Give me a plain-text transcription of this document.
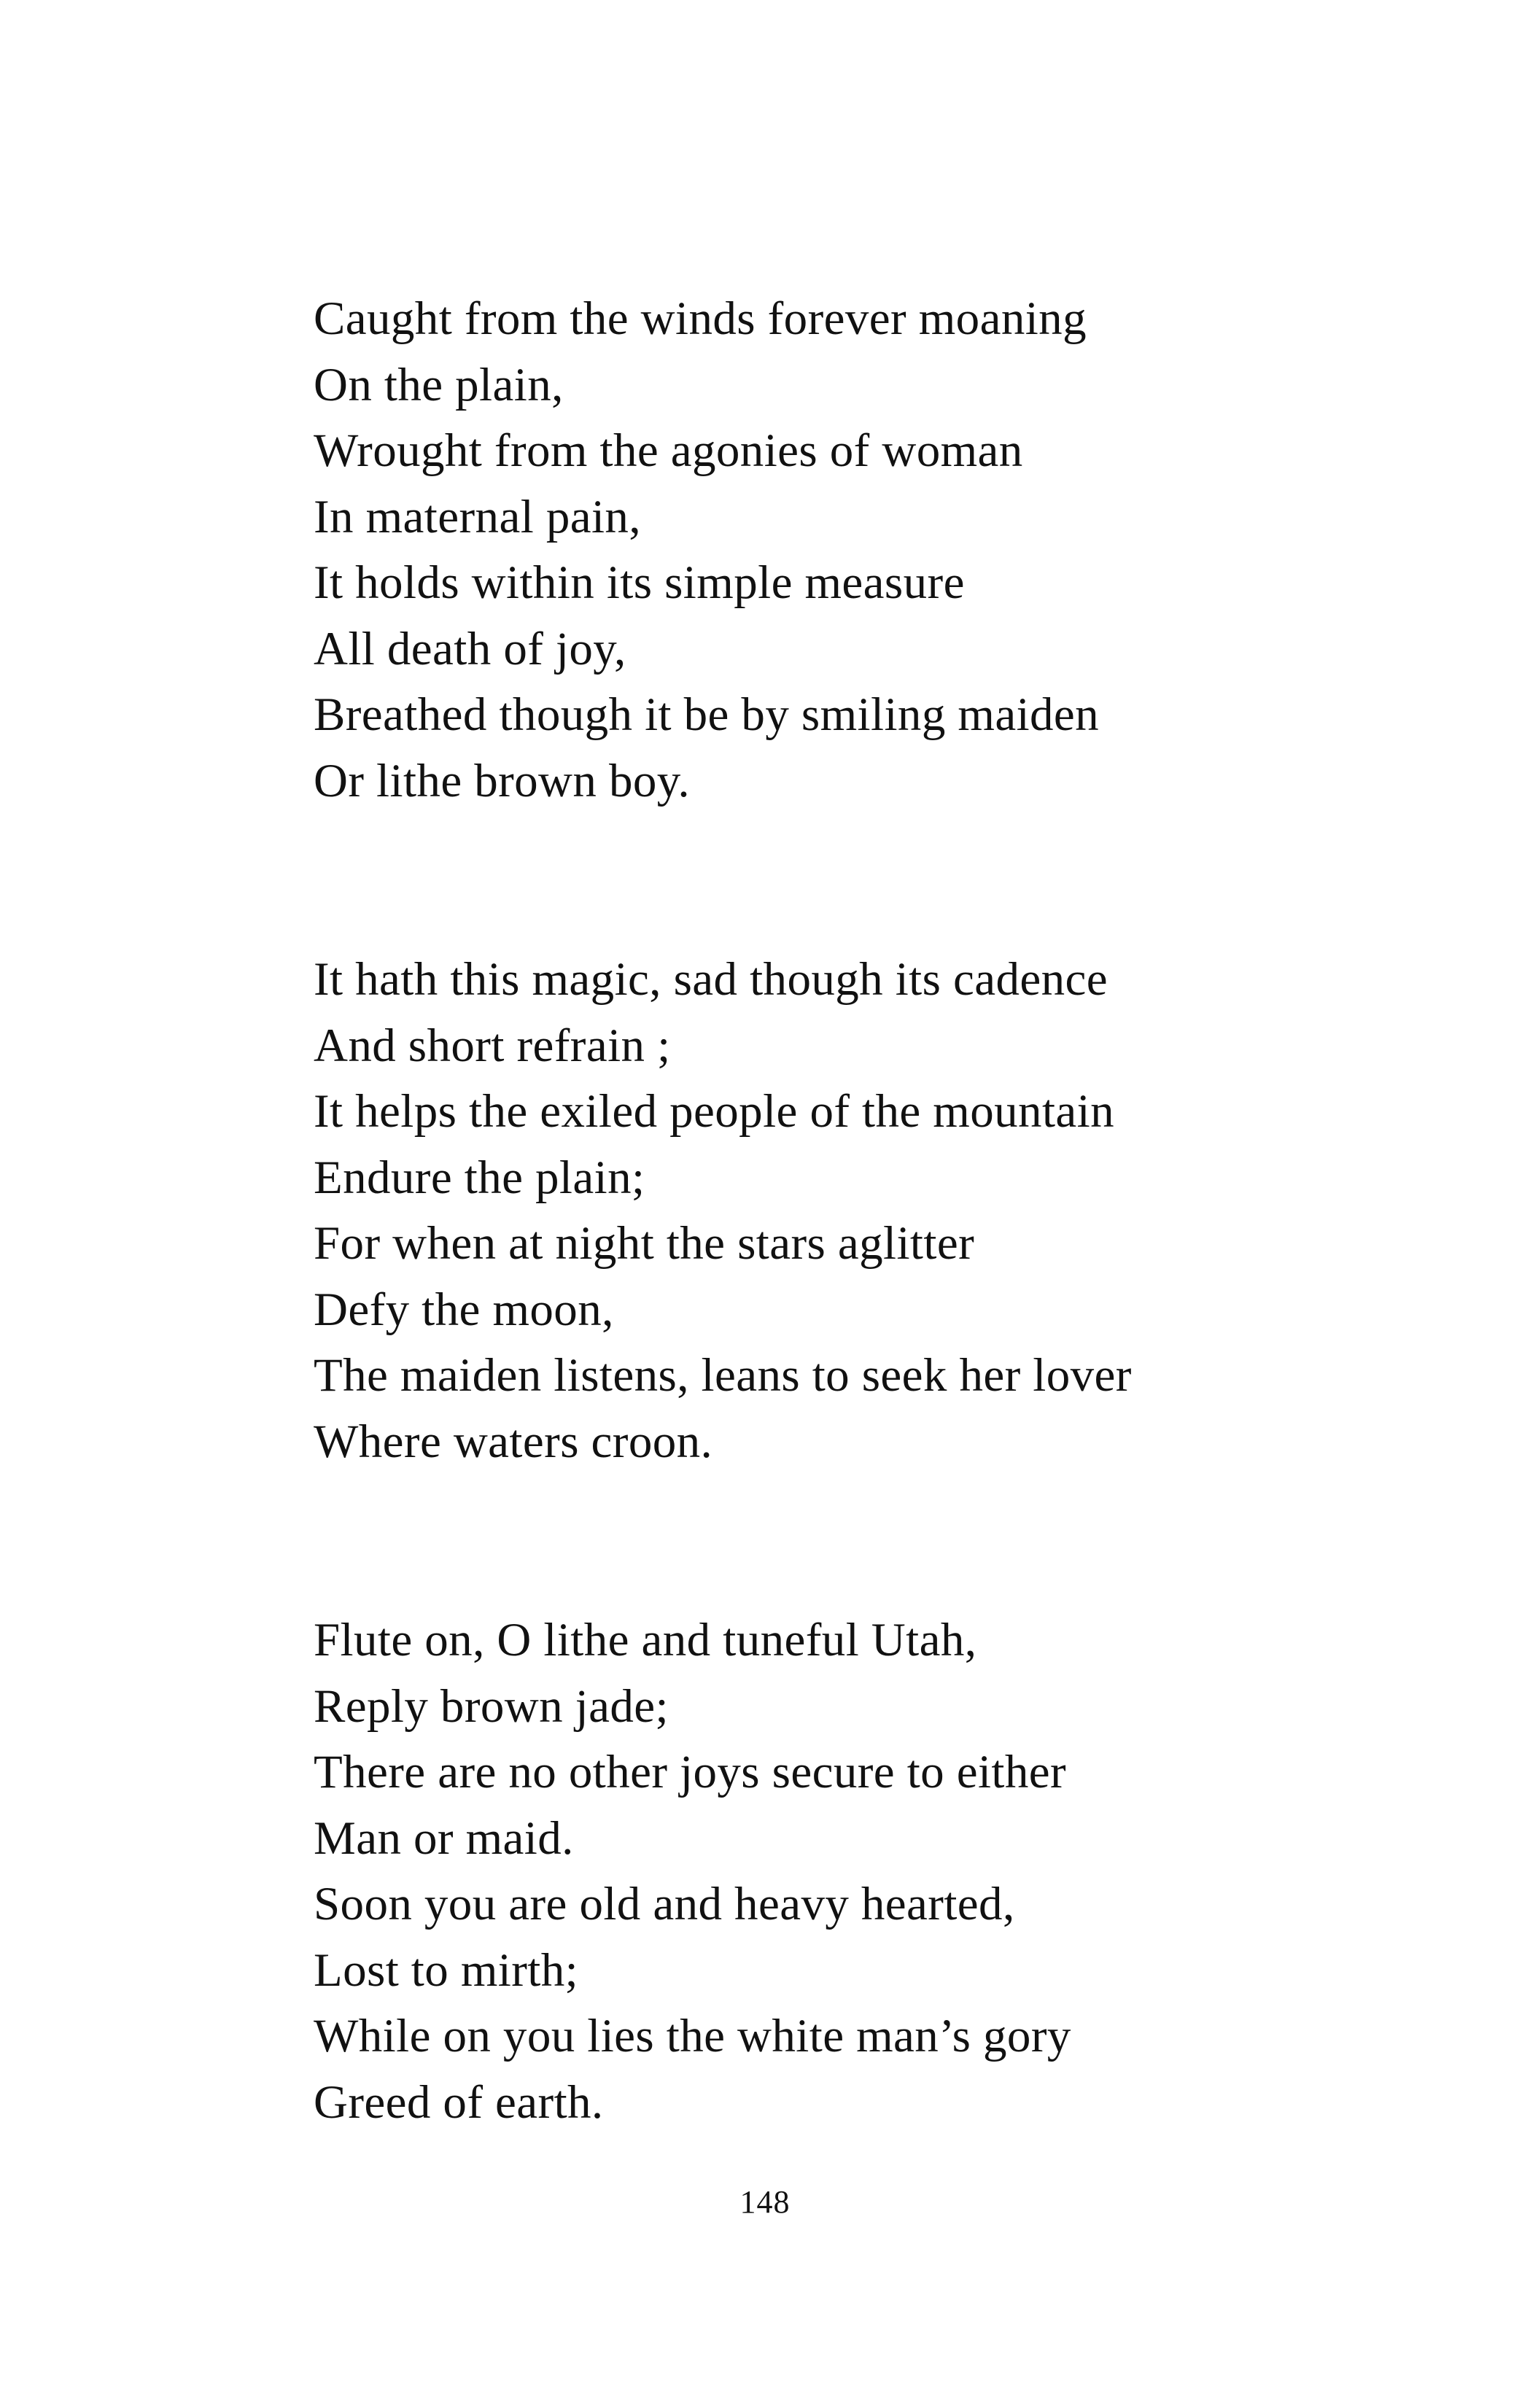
Caught from the winds forever moaning
On the plain,
Wrought from the agonies of woman
In maternal pain,
It holds within its simple measure
All death of joy,
Breathed though it be by smiling maiden
Or lithe brown boy.
It hath this magic, sad though its cadence
And short refrain ;
It helps the exiled people of the mountain
Endure the plain;
For when at night the stars aglitter
Defy the moon,
The maiden listens, leans to seek her lover
Where waters croon.
Flute on, O lithe and tuneful Utah,
Reply brown jade;
There are no other joys secure to either
Man or maid.
Soon you are old and heavy hearted,
Lost to mirth;
While on you lies the white man’s gory
Greed of earth.
148
